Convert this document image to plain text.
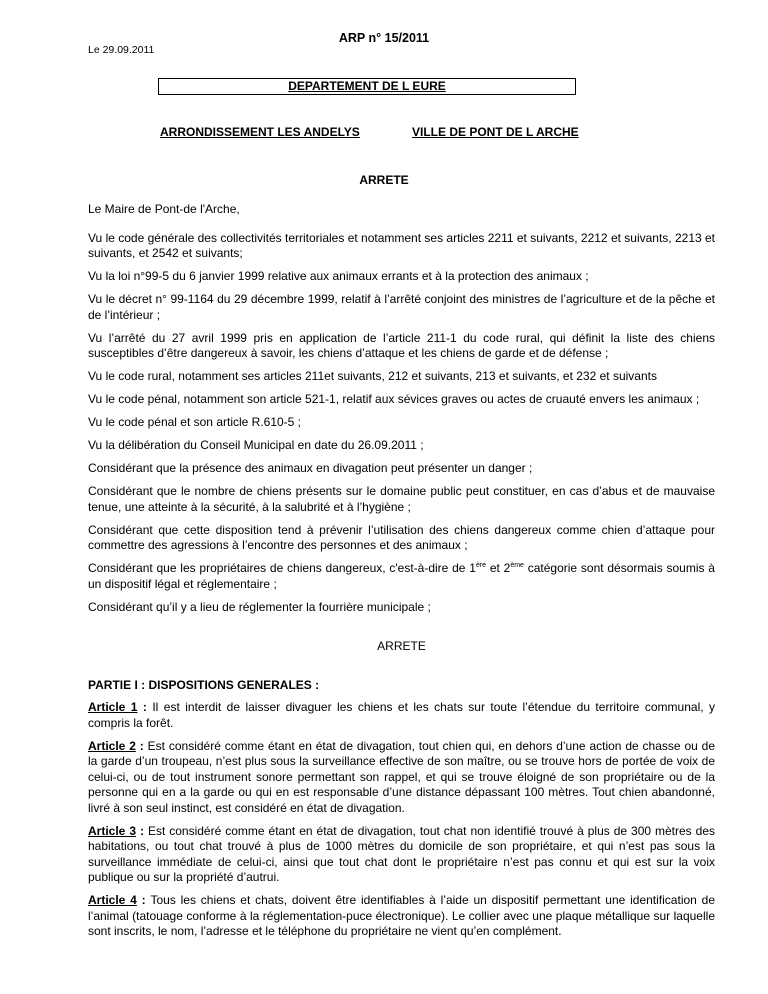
ARP n° 15/2011
Le 29.09.2011
DEPARTEMENT DE L EURE
ARRONDISSEMENT LES ANDELYS	VILLE DE PONT DE L ARCHE
ARRETE

Le Maire de Pont-de l'Arche,

Vu le code générale des collectivités territoriales et notamment ses articles 2211 et suivants, 2212 et suivants, 2213 et suivants, et 2542 et suivants;

Vu la loi n°99-5 du 6 janvier 1999 relative aux animaux errants et à la protection des animaux ;

Vu le décret n° 99-1164 du 29 décembre 1999, relatif à l’arrêté conjoint des ministres de l’agriculture et de la pêche et de l’intérieur ;

Vu l’arrêté du 27 avril 1999 pris en application de l’article 211-1 du code rural, qui définit la liste des chiens susceptibles d’être dangereux à savoir, les chiens d’attaque et les chiens de garde et de défense ;

Vu le code rural, notamment ses articles 211et suivants, 212 et suivants, 213 et suivants, et 232 et suivants

Vu le code pénal, notamment son article 521-1, relatif aux sévices graves ou actes de cruauté envers les animaux ;

Vu le code pénal et son article R.610-5 ;

Vu la délibération du Conseil Municipal en date du 26.09.2011 ;

Considérant que la présence des animaux en divagation peut présenter un danger ;

Considérant que le nombre de chiens présents sur le domaine public peut constituer, en cas d’abus et de mauvaise tenue, une atteinte à la sécurité, à la salubrité et à l’hygiène ;

Considérant que cette disposition tend à prévenir l’utilisation des chiens dangereux comme chien d’attaque pour commettre des agressions à l’encontre des personnes et des animaux ;

Considérant que les propriétaires de chiens dangereux, c'est-à-dire de 1ère et 2ème catégorie sont désormais soumis à un dispositif légal et réglementaire ;

Considérant qu’il y a lieu de réglementer la fourrière municipale ;

ARRETE

PARTIE I : DISPOSITIONS GENERALES :

Article 1 : Il est interdit de laisser divaguer les chiens et les chats sur toute l’étendue du territoire communal, y compris la forêt.

Article 2 : Est considéré comme étant en état de divagation, tout chien qui, en dehors d’une action de chasse ou de la garde d’un troupeau, n’est plus sous la surveillance effective de son maître, ou se trouve hors de portée de voix de celui-ci, ou de tout instrument sonore permettant son rappel, et qui se trouve éloigné de son propriétaire ou de la personne qui en a la garde ou qui en est responsable d’une distance dépassant 100 mètres. Tout chien abandonné, livré à son seul instinct, est considéré en état de divagation.

Article 3 : Est considéré comme étant en état de divagation, tout chat non identifié trouvé à plus de 300 mètres des habitations, ou tout chat trouvé à plus de 1000 mètres du domicile de son propriétaire, et qui n’est pas sous la surveillance immédiate de celui-ci, ainsi que tout chat dont le propriétaire n’est pas connu et qui est sur la voix publique ou sur la propriété d’autrui.

Article 4 : Tous les chiens et chats, doivent être identifiables à l’aide un dispositif permettant une identification de l’animal (tatouage conforme à la réglementation-puce électronique). Le collier avec une plaque métallique sur laquelle sont inscrits, le nom, l’adresse et le téléphone du propriétaire ne vient qu’en complément.
